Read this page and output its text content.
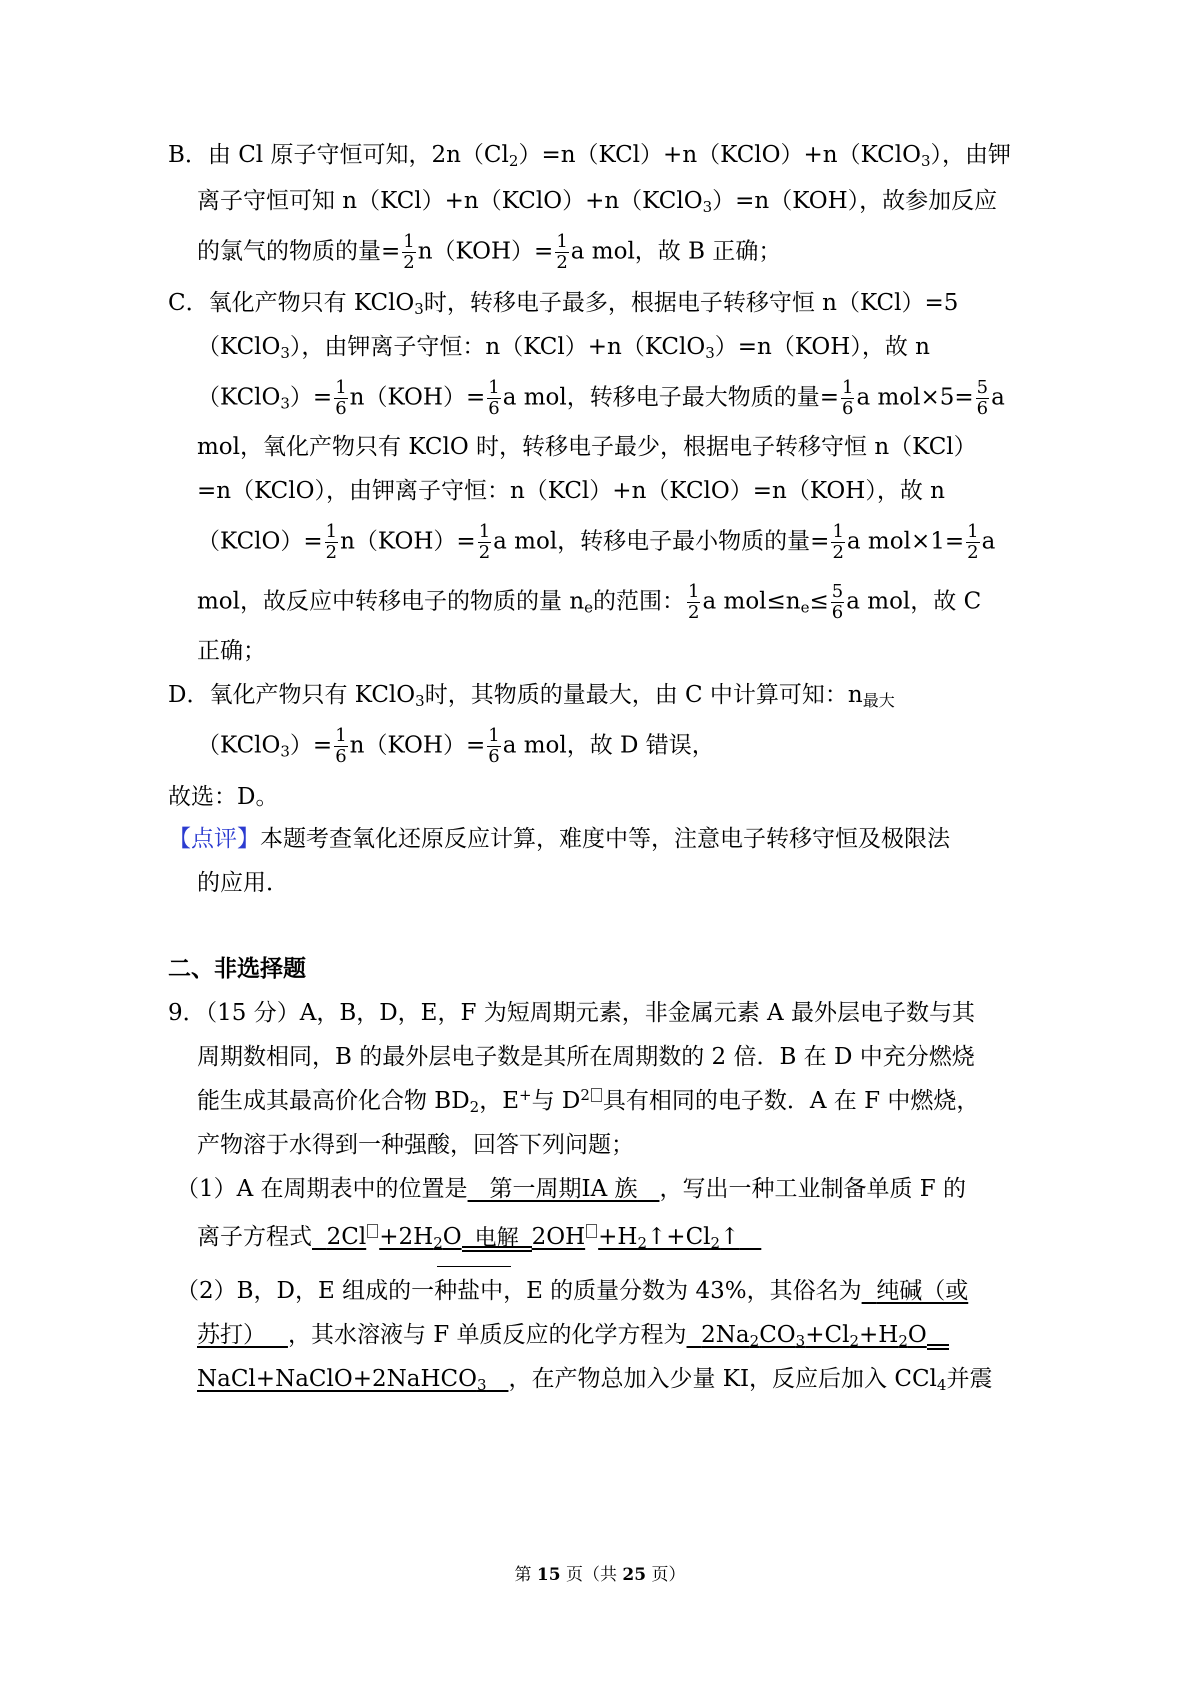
B．由 Cl 原子守恒可知，$2n(Cl_2)=n(KCl)+n(KClO)+n(KClO_3)$，由钾
离子守恒可知 n（KCl）+n（KClO）+n（KClO$_3$）=n（KOH），故参加反应
的氯气的物质的量= $\frac{1}{2} n(KOH)= \frac{1}{2}$ a mol，故 B 正确；
C．氧化产物只有 KClO$_3$时，转移电子最多，根据电子转移守恒 n（KCl）=5
（KClO$_3$），由钾离子守恒：n（KCl）+n（KClO$_3$）=n（KOH），故 n
（KClO$_3$）= $\frac{1}{6} n(KOH)= \frac{1}{6}$ a mol，转移电子最大物质的量= $\frac{1}{6}$ a $mol\times 5= \frac{5}{6}$ a
mol，氧化产物只有 KClO 时，转移电子最少，根据电子转移守恒 n（KCl）
=n（KClO），由钾离子守恒：n（KCl）+n（KClO）=n（KOH），故 n
（KClO）= $\frac{1}{2} n(KOH)= \frac{1}{2}$ a mol，转移电子最小物质的量= $\frac{1}{2}$ a $mol\times 1= \frac{1}{2}$ a
mol，故反应中转移电子的物质的量 $n_e$的范围： $\frac{1}{2}$ a $mol\le n_e\le \frac{5}{6}$ a mol，故 C
正确；
D．氧化产物只有 KClO$_3$时，其物质的量最大，由 C 中计算可知：n最大
（KClO$_3$）= $\frac{1}{6} n(KOH)= \frac{1}{6}$ a mol，故 D 错误，
故选：D。
【点评】本题考查氧化还原反应计算，难度中等，注意电子转移守恒及极限法
的应用．
二、非选择题
9．（15 分）A，B，D，E，F 为短周期元素，非金属元素 A 最外层电子数与其
周期数相同，B 的最外层电子数是其所在周期数的 2 倍．B 在 D 中充分燃烧
能生成其最高价化合物 $BD_2$，E+与 $D^2$ 具有相同的电子数．A 在 F 中燃烧，
产物溶于水得到一种强酸，回答下列问题；
（1）A 在周期表中的位置是 第一周期IA 族 ，写出一种工业制备单质 F 的
离子方程式 $2Cl +2H_2O$ 电解 $2OH +H_2↑+Cl_2↑$
（2）B，D，E 组成的一种盐中，E 的质量分数为 43%，其俗名为 纯碱（或
苏打） ，其水溶液与 F 单质反应的化学方程为 $2Na_2CO_3+Cl_2+H_2O$
NaCl+NaClO+2NaHCO$_3$ ，在产物总加入少量 KI，反应后加入 CCl$_4$并震
第 15 页（共 25 页）
